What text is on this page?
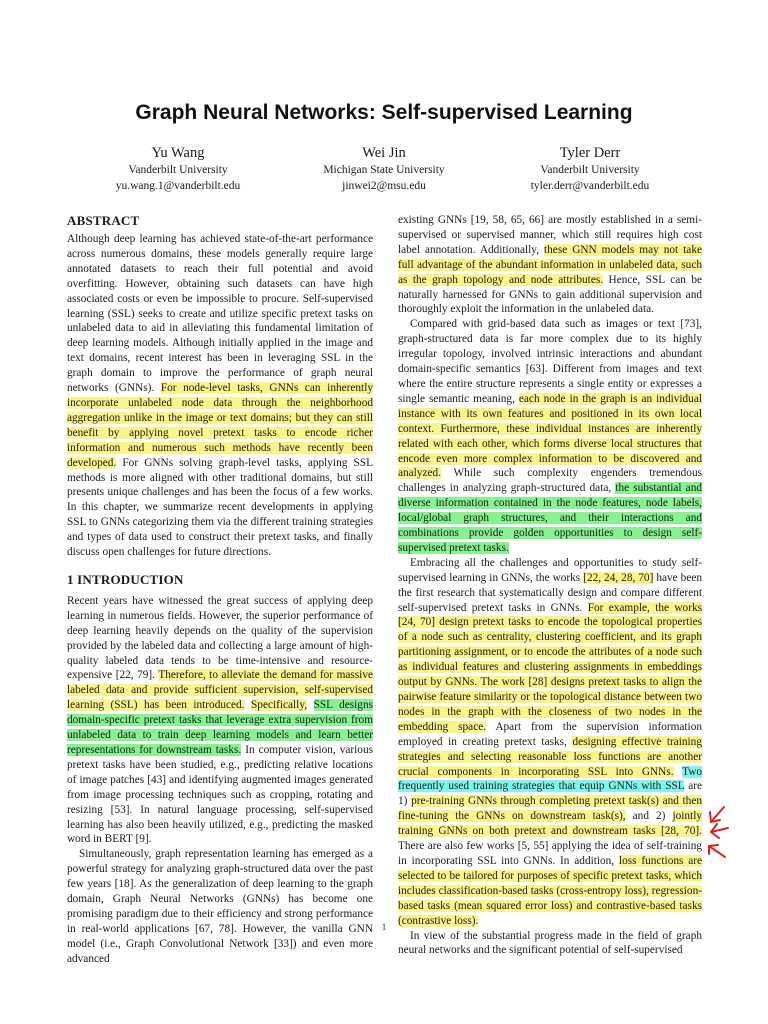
Graph Neural Networks: Self-supervised Learning
Yu Wang
Vanderbilt University
yu.wang.1@vanderbilt.edu
Wei Jin
Michigan State University
jinwei2@msu.edu
Tyler Derr
Vanderbilt University
tyler.derr@vanderbilt.edu
ABSTRACT

Although deep learning has achieved state-of-the-art performance across numerous domains, these models generally require large annotated datasets to reach their full potential and avoid overfitting. However, obtaining such datasets can have high associated costs or even be impossible to procure. Self-supervised learning (SSL) seeks to create and utilize specific pretext tasks on unlabeled data to aid in alleviating this fundamental limitation of deep learning models. Although initially applied in the image and text domains, recent interest has been in leveraging SSL in the graph domain to improve the performance of graph neural networks (GNNs). For node-level tasks, GNNs can inherently incorporate unlabeled node data through the neighborhood aggregation unlike in the image or text domains; but they can still benefit by applying novel pretext tasks to encode richer information and numerous such methods have recently been developed. For GNNs solving graph-level tasks, applying SSL methods is more aligned with other traditional domains, but still presents unique challenges and has been the focus of a few works. In this chapter, we summarize recent developments in applying SSL to GNNs categorizing them via the different training strategies and types of data used to construct their pretext tasks, and finally discuss open challenges for future directions.

1 INTRODUCTION

Recent years have witnessed the great success of applying deep learning in numerous fields. However, the superior performance of deep learning heavily depends on the quality of the supervision provided by the labeled data and collecting a large amount of high-quality labeled data tends to be time-intensive and resource-expensive [22, 79]. Therefore, to alleviate the demand for massive labeled data and provide sufficient supervision, self-supervised learning (SSL) has been introduced. Specifically, SSL designs domain-specific pretext tasks that leverage extra supervision from unlabeled data to train deep learning models and learn better representations for downstream tasks. In computer vision, various pretext tasks have been studied, e.g., predicting relative locations of image patches [43] and identifying augmented images generated from image processing techniques such as cropping, rotating and resizing [53]. In natural language processing, self-supervised learning has also been heavily utilized, e.g., predicting the masked word in BERT [9].

Simultaneously, graph representation learning has emerged as a powerful strategy for analyzing graph-structured data over the past few years [18]. As the generalization of deep learning to the graph domain, Graph Neural Networks (GNNs) has become one promising paradigm due to their efficiency and strong performance in real-world applications [67, 78]. However, the vanilla GNN model (i.e., Graph Convolutional Network [33]) and even more advanced

existing GNNs [19, 58, 65, 66] are mostly established in a semi-supervised or supervised manner, which still requires high cost label annotation. Additionally, these GNN models may not take full advantage of the abundant information in unlabeled data, such as the graph topology and node attributes. Hence, SSL can be naturally harnessed for GNNs to gain additional supervision and thoroughly exploit the information in the unlabeled data.

Compared with grid-based data such as images or text [73], graph-structured data is far more complex due to its highly irregular topology, involved intrinsic interactions and abundant domain-specific semantics [63]. Different from images and text where the entire structure represents a single entity or expresses a single semantic meaning, each node in the graph is an individual instance with its own features and positioned in its own local context. Furthermore, these individual instances are inherently related with each other, which forms diverse local structures that encode even more complex information to be discovered and analyzed. While such complexity engenders tremendous challenges in analyzing graph-structured data, the substantial and diverse information contained in the node features, node labels, local/global graph structures, and their interactions and combinations provide golden opportunities to design self-supervised pretext tasks.

Embracing all the challenges and opportunities to study self-supervised learning in GNNs, the works [22, 24, 28, 70] have been the first research that systematically design and compare different self-supervised pretext tasks in GNNs. For example, the works [24, 70] design pretext tasks to encode the topological properties of a node such as centrality, clustering coefficient, and its graph partitioning assignment, or to encode the attributes of a node such as individual features and clustering assignments in embeddings output by GNNs. The work [28] designs pretext tasks to align the pairwise feature similarity or the topological distance between two nodes in the graph with the closeness of two nodes in the embedding space. Apart from the supervision information employed in creating pretext tasks, designing effective training strategies and selecting reasonable loss functions are another crucial components in incorporating SSL into GNNs. Two frequently used training strategies that equip GNNs with SSL are 1) pre-training GNNs through completing pretext task(s) and then fine-tuning the GNNs on downstream task(s), and 2) jointly training GNNs on both pretext and downstream tasks [28, 70]. There are also few works [5, 55] applying the idea of self-training in incorporating SSL into GNNs. In addition, loss functions are selected to be tailored for purposes of specific pretext tasks, which includes classification-based tasks (cross-entropy loss), regression-based tasks (mean squared error loss) and contrastive-based tasks (contrastive loss).

In view of the substantial progress made in the field of graph neural networks and the significant potential of self-supervised

1
